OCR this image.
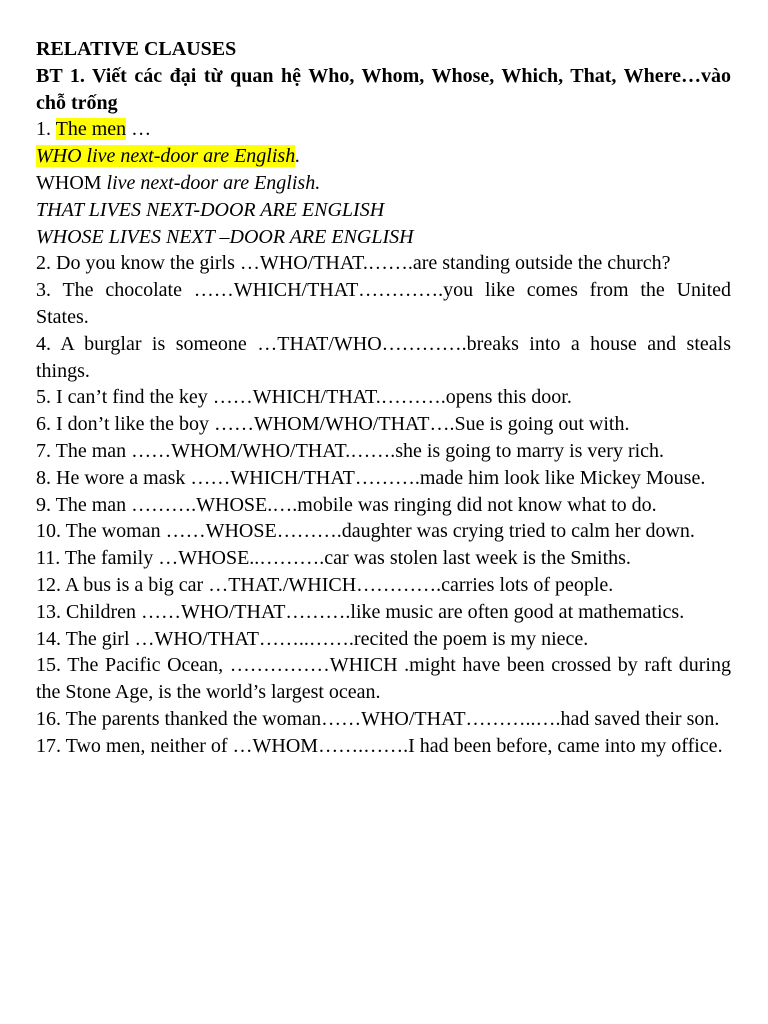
RELATIVE CLAUSES

BT 1. Viết các đại từ quan hệ Who, Whom, Whose, Which, That, Where…vào chỗ trống

1. The men …

WHO live next-door are English.

WHOM live next-door are English.

THAT LIVES NEXT-DOOR ARE ENGLISH

WHOSE LIVES NEXT –DOOR ARE ENGLISH

2. Do you know the girls …WHO/THAT.…….are standing outside the church?

3. The chocolate ……WHICH/THAT………….you like comes from the United States.

4. A burglar is someone …THAT/WHO………….breaks into a house and steals things.

5. I can’t find the key ……WHICH/THAT.……….opens this door.

6. I don’t like the boy ……WHOM/WHO/THAT….Sue is going out with.

7. The man ……WHOM/WHO/THAT.…….she is going to marry is very rich.

8. He wore a mask ……WHICH/THAT……….made him look like Mickey Mouse.

9. The man ……….WHOSE.….mobile was ringing did not know what to do.

10. The woman ……WHOSE……….daughter was crying tried to calm her down.

11. The family …WHOSE..……….car was stolen last week is the Smiths.

12. A bus is a big car …THAT./WHICH………….carries lots of people.

13. Children ……WHO/THAT……….like music are often good at mathematics.

14. The girl …WHO/THAT……..…….recited the poem is my niece.

15. The Pacific Ocean, ……………WHICH .might have been crossed by raft during the Stone Age, is the world’s largest ocean.

16. The parents thanked the woman……WHO/THAT………..….had saved their son.

17. Two men, neither of …WHOM…….…….I had been before, came into my office.
